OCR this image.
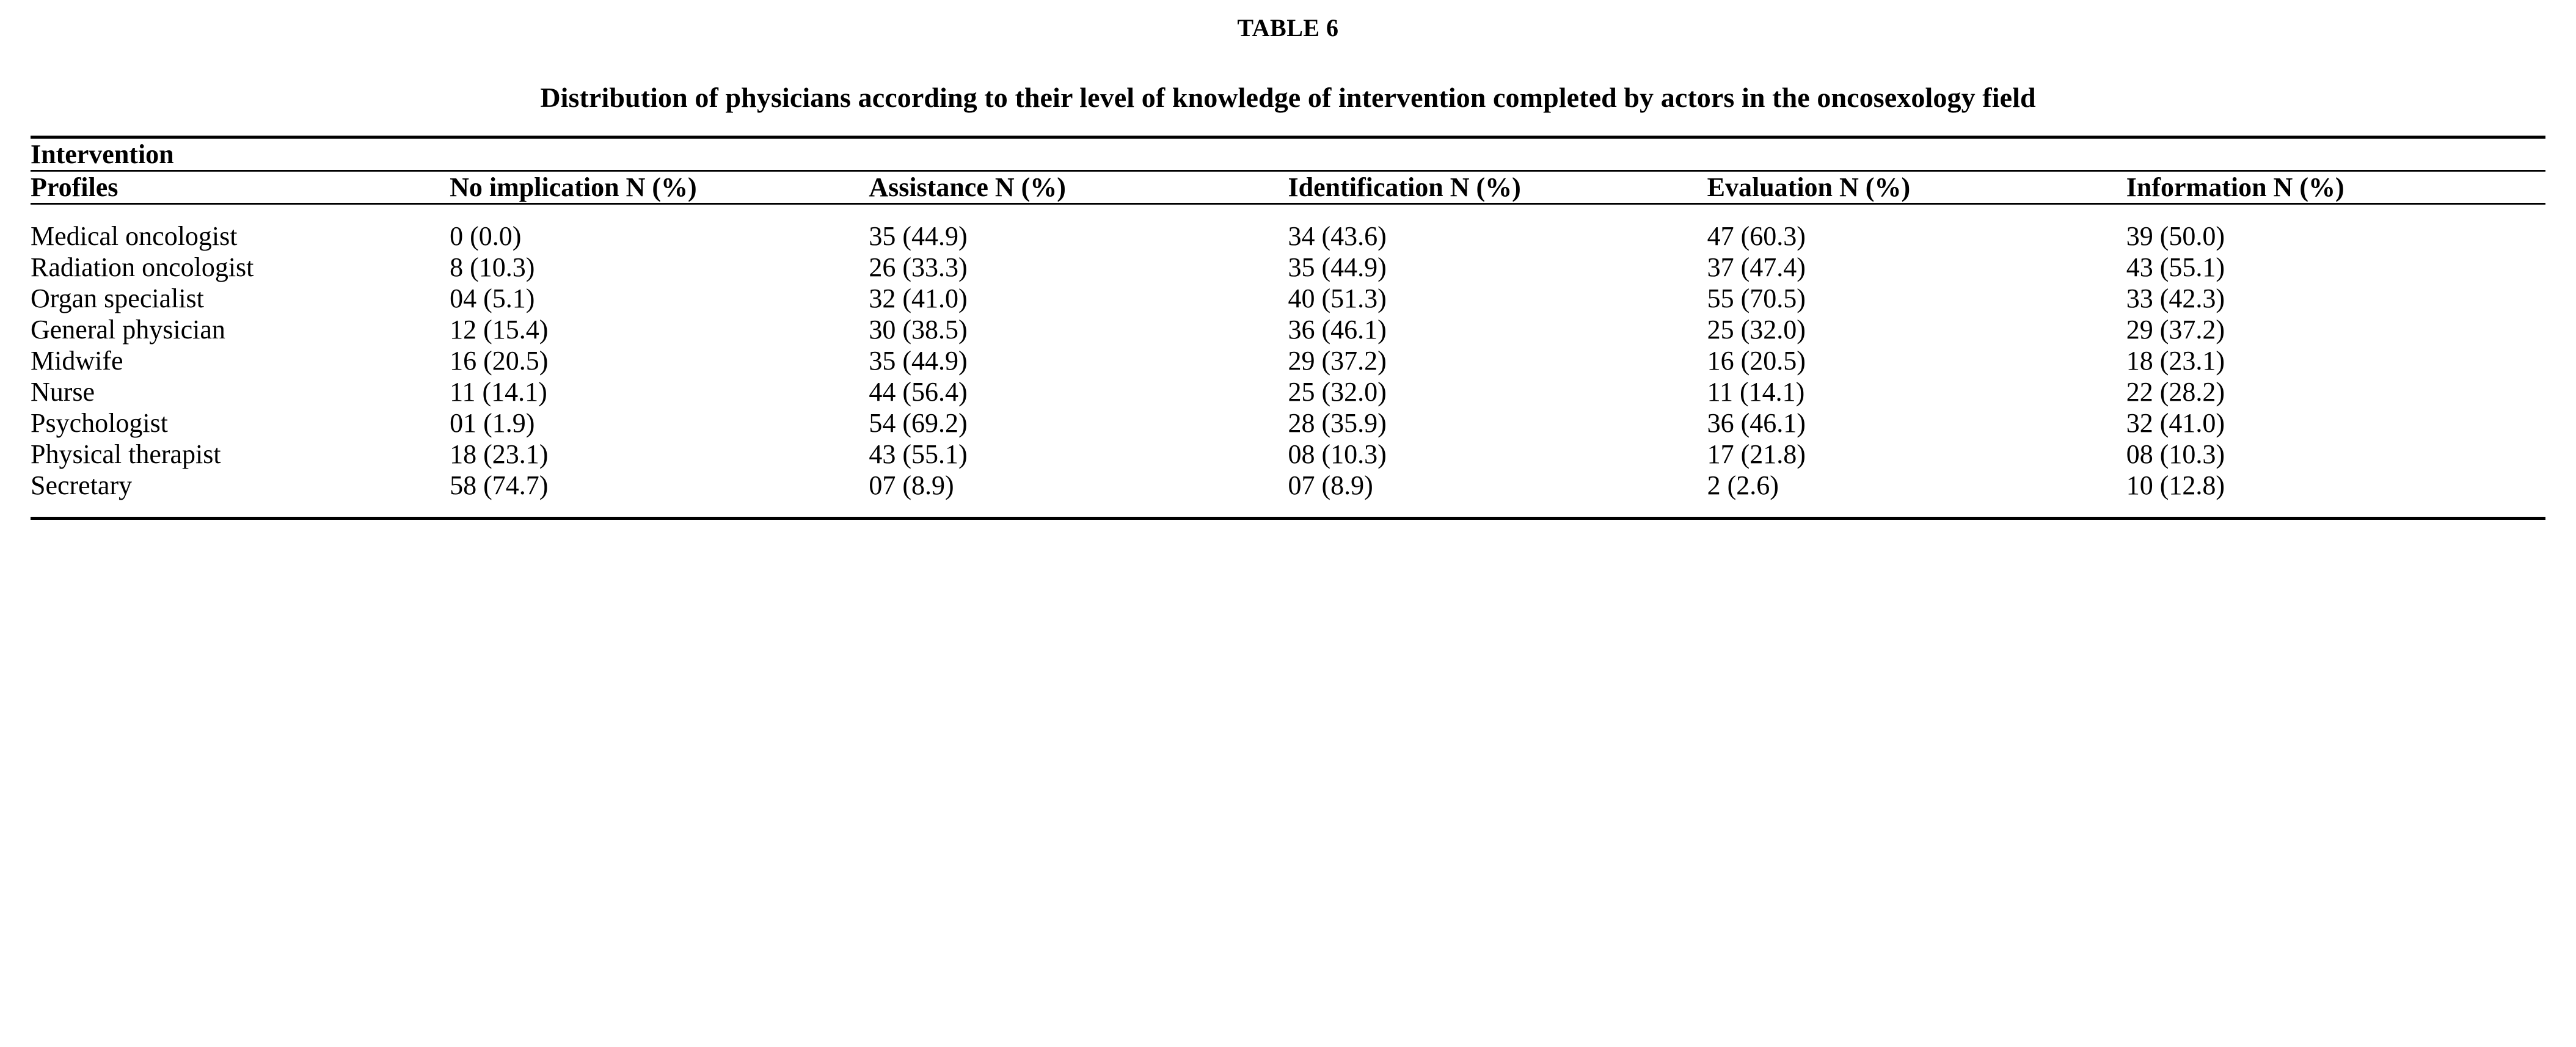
TABLE 6
Distribution of physicians according to their level of knowledge of intervention completed by actors in the oncosexology field
Intervention					
Profiles	No implication N (%)	Assistance N (%)	Identification N (%)	Evaluation N (%)	Information N (%)
Medical oncologist	0 (0.0)	35 (44.9)	34 (43.6)	47 (60.3)	39 (50.0)
Radiation oncologist	8 (10.3)	26 (33.3)	35 (44.9)	37 (47.4)	43 (55.1)
Organ specialist	04 (5.1)	32 (41.0)	40 (51.3)	55 (70.5)	33 (42.3)
General physician	12 (15.4)	30 (38.5)	36 (46.1)	25 (32.0)	29 (37.2)
Midwife	16 (20.5)	35 (44.9)	29 (37.2)	16 (20.5)	18 (23.1)
Nurse	11 (14.1)	44 (56.4)	25 (32.0)	11 (14.1)	22 (28.2)
Psychologist	01 (1.9)	54 (69.2)	28 (35.9)	36 (46.1)	32 (41.0)
Physical therapist	18 (23.1)	43 (55.1)	08 (10.3)	17 (21.8)	08 (10.3)
Secretary	58 (74.7)	07 (8.9)	07 (8.9)	2 (2.6)	10 (12.8)
